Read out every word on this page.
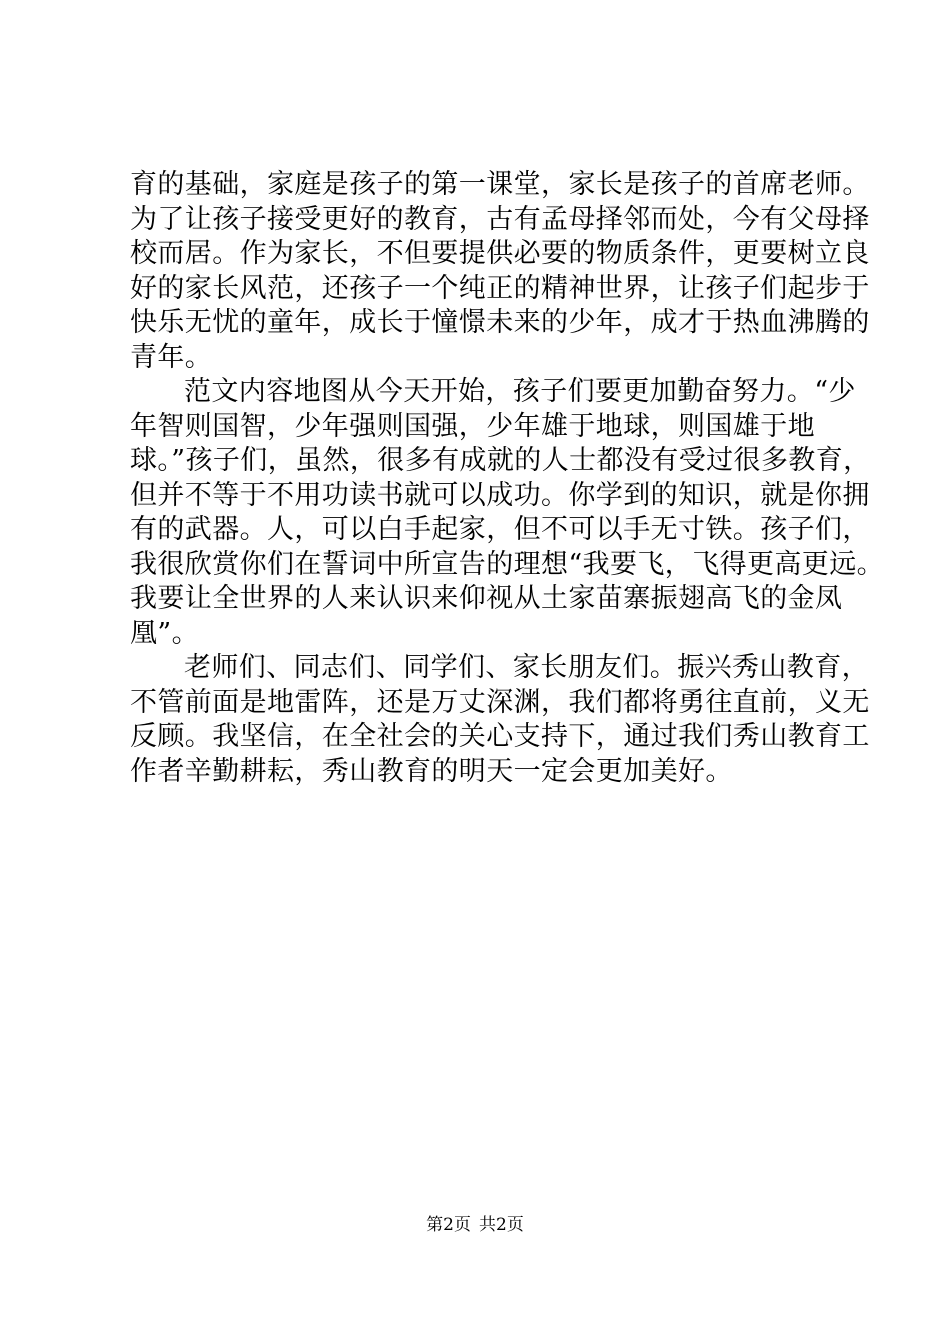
育的基础，家庭是孩子的第一课堂，家长是孩子的首席老师。
为了让孩子接受更好的教育，古有孟母择邻而处，今有父母择
校而居。作为家长，不但要提供必要的物质条件，更要树立良
好的家长风范，还孩子一个纯正的精神世界，让孩子们起步于
快乐无忧的童年，成长于憧憬未来的少年，成才于热血沸腾的
青年。
范文内容地图从今天开始，孩子们要更加勤奋努力。“少
年智则国智，少年强则国强，少年雄于地球，则国雄于地
球。”孩子们，虽然，很多有成就的人士都没有受过很多教育，
但并不等于不用功读书就可以成功。你学到的知识，就是你拥
有的武器。人，可以白手起家，但不可以手无寸铁。孩子们，
我很欣赏你们在誓词中所宣告的理想“我要飞，飞得更高更远。
我要让全世界的人来认识来仰视从土家苗寨振翅高飞的金凤
凰”。
老师们、同志们、同学们、家长朋友们。振兴秀山教育，
不管前面是地雷阵，还是万丈深渊，我们都将勇往直前，义无
反顾。我坚信，在全社会的关心支持下，通过我们秀山教育工
作者辛勤耕耘，秀山教育的明天一定会更加美好。
第2页 共2页
